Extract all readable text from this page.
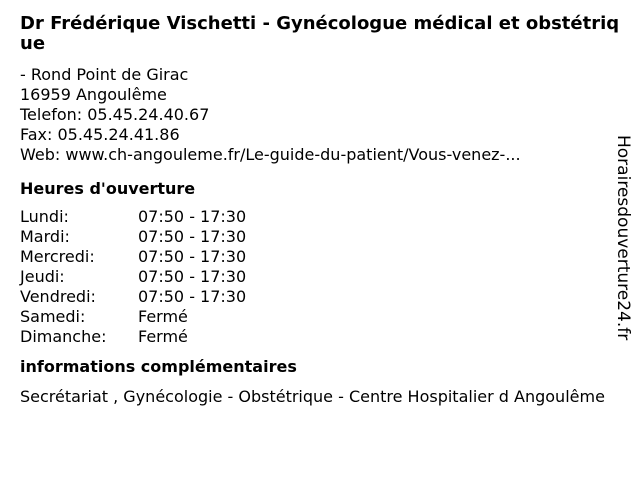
Dr Frédérique Vischetti - Gynécologue médical et obstétrique
- Rond Point de Girac
16959 Angoulême
Telefon: 05.45.24.40.67
Fax: 05.45.24.41.86
Web: www.ch-angouleme.fr/Le-guide-du-patient/Vous-venez-...
Heures d'ouverture
Lundi:	07:50 - 17:30
Mardi:	07:50 - 17:30
Mercredi:	07:50 - 17:30
Jeudi:	07:50 - 17:30
Vendredi:	07:50 - 17:30
Samedi:	Fermé
Dimanche:	Fermé
informations complémentaires
Secrétariat , Gynécologie - Obstétrique - Centre Hospitalier d Angoulême
Horairesdouverture24.fr
